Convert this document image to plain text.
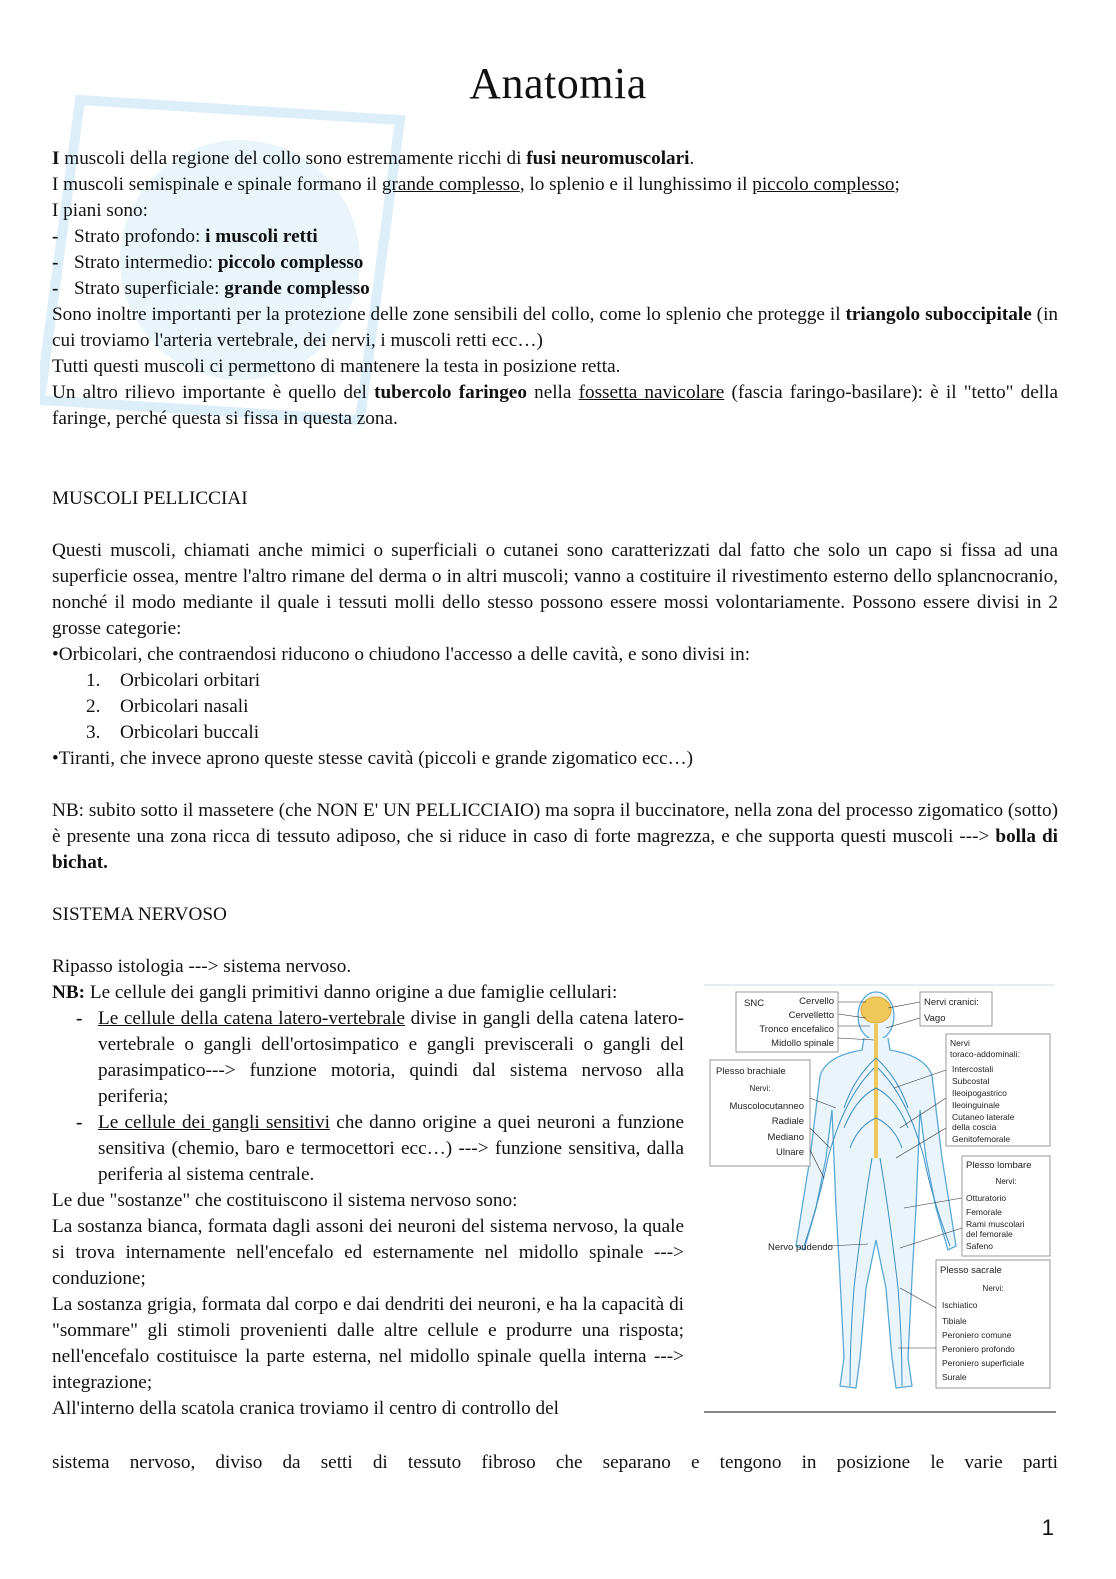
Anatomia
I muscoli della regione del collo sono estremamente ricchi di fusi neuromuscolari.
I muscoli semispinale e spinale formano il grande complesso, lo splenio e il lunghissimo il piccolo complesso;
I piani sono:
- Strato profondo: i muscoli retti
- Strato intermedio: piccolo complesso
- Strato superficiale: grande complesso
Sono inoltre importanti per la protezione delle zone sensibili del collo, come lo splenio che protegge il triangolo suboccipitale (in cui troviamo l'arteria vertebrale, dei nervi, i muscoli retti ecc…)
Tutti questi muscoli ci permettono di mantenere la testa in posizione retta.
Un altro rilievo importante è quello del tubercolo faringeo nella fossetta navicolare (fascia faringo-basilare): è il "tetto" della faringe, perché questa si fissa in questa zona.
MUSCOLI PELLICCIAI
Questi muscoli, chiamati anche mimici o superficiali o cutanei sono caratterizzati dal fatto che solo un capo si fissa ad una superficie ossea, mentre l'altro rimane del derma o in altri muscoli; vanno a costituire il rivestimento esterno dello splancnocranio, nonché il modo mediante il quale i tessuti molli dello stesso possono essere mossi volontariamente. Possono essere divisi in 2 grosse categorie:
•Orbicolari, che contraendosi riducono o chiudono l'accesso a delle cavità, e sono divisi in:
1. Orbicolari orbitari
2. Orbicolari nasali
3. Orbicolari buccali
•Tiranti, che invece aprono queste stesse cavità (piccoli e grande zigomatico ecc…)
NB: subito sotto il massetere (che NON E' UN PELLICCIAIO) ma sopra il buccinatore, nella zona del processo zigomatico (sotto) è presente una zona ricca di tessuto adiposo, che si riduce in caso di forte magrezza, e che supporta questi muscoli ---> bolla di bichat.
SISTEMA NERVOSO
Ripasso istologia ---> sistema nervoso.
NB: Le cellule dei gangli primitivi danno origine a due famiglie cellulari:
- Le cellule della catena latero-vertebrale divise in gangli della catena latero-vertebrale o gangli dell'ortosimpatico e gangli previscerali o gangli del parasimpatico---> funzione motoria, quindi dal sistema nervoso alla periferia;
- Le cellule dei gangli sensitivi che danno origine a quei neuroni a funzione sensitiva (chemio, baro e termocettori ecc…) ---> funzione sensitiva, dalla periferia al sistema centrale.
Le due "sostanze" che costituiscono il sistema nervoso sono:
La sostanza bianca, formata dagli assoni dei neuroni del sistema nervoso, la quale si trova internamente nell'encefalo ed esternamente nel midollo spinale ---> conduzione;
La sostanza grigia, formata dal corpo e dai dendriti dei neuroni, e ha la capacità di "sommare" gli stimoli provenienti dalle altre cellule e produrre una risposta; nell'encefalo costituisce la parte esterna, nel midollo spinale quella interna ---> integrazione;
All'interno della scatola cranica troviamo il centro di controllo del
sistema nervoso, diviso da setti di tessuto fibroso che separano e tengono in posizione le varie parti
SNC	Cervello
Cervelletto
Tronco encefalico
Midollo spinale
Nervi cranici:
Vago
Nervi
toraco-addominali:
Intercostali
Subcostal
Ileoipogastrico
Ileoinguinale
Cutaneo laterale
della coscia
Genitofemorale
Plesso brachiale
Nervi:
Muscolocutanneo
Radiale
Mediano
Ulnare
Plesso lombare
Nervi:
Otturatorio
Femorale
Rami muscolari
del femorale
Safeno
Nervo pudendo
Plesso sacrale
Nervi:
Ischiatico
Tibiale
Peroniero comune
Peroniero profondo
Peroniero superficiale
Surale
1
